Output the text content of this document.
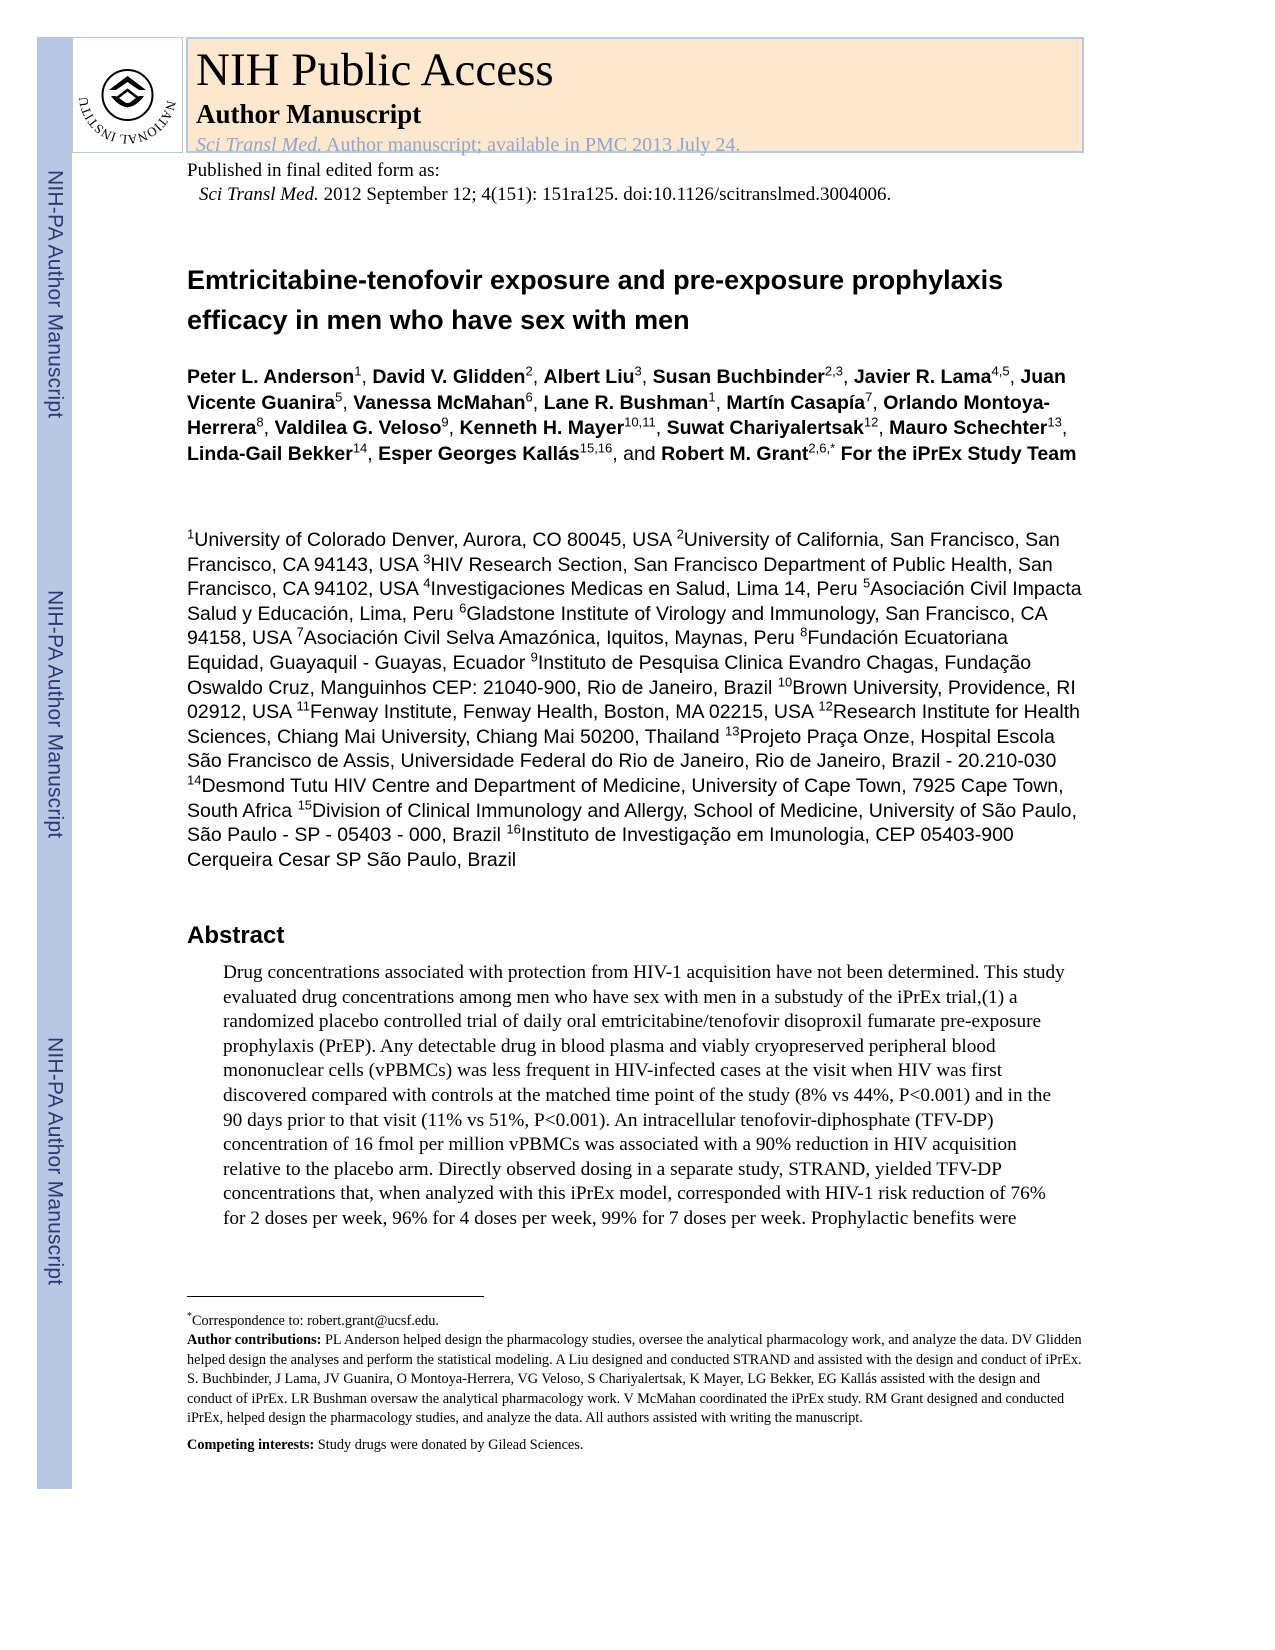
NIH-PA Author Manuscript
NIH-PA Author Manuscript
NIH-PA Author Manuscript
NATIONAL INSTITU
NIH Public Access
Author Manuscript
Sci Transl Med. Author manuscript; available in PMC 2013 July 24.
Published in final edited form as:
Sci Transl Med. 2012 September 12; 4(151): 151ra125. doi:10.1126/scitranslmed.3004006.
Emtricitabine-tenofovir exposure and pre-exposure prophylaxis efficacy in men who have sex with men
Peter L. Anderson$^1$, David V. Glidden$^2$, Albert Liu$^3$, Susan Buchbinder$^{2,3}$, Javier R. Lama$^{4,5}$, Juan Vicente Guanira$^5$, Vanessa McMahan$^6$, Lane R. Bushman$^1$, Martín Casapía$^7$, Orlando Montoya-Herrera$^8$, Valdilea G. Veloso$^9$, Kenneth H. Mayer$^{10,11}$, Suwat Chariyalertsak$^{12}$, Mauro Schechter$^{13}$, Linda-Gail Bekker$^{14}$, Esper Georges Kallás$^{15,16}$, and Robert M. Grant$^{2,6,*}$ For the iPrEx Study Team
$^1$University of Colorado Denver, Aurora, CO 80045, USA $^2$University of California, San Francisco, San Francisco, CA 94143, USA $^3$HIV Research Section, San Francisco Department of Public Health, San Francisco, CA 94102, USA $^4$Investigaciones Medicas en Salud, Lima 14, Peru $^5$Asociación Civil Impacta Salud y Educación, Lima, Peru $^6$Gladstone Institute of Virology and Immunology, San Francisco, CA 94158, USA $^7$Asociación Civil Selva Amazónica, Iquitos, Maynas, Peru $^8$Fundación Ecuatoriana Equidad, Guayaquil - Guayas, Ecuador $^9$Instituto de Pesquisa Clinica Evandro Chagas, Fundação Oswaldo Cruz, Manguinhos CEP: 21040-900, Rio de Janeiro, Brazil $^{10}$Brown University, Providence, RI 02912, USA $^{11}$Fenway Institute, Fenway Health, Boston, MA 02215, USA $^{12}$Research Institute for Health Sciences, Chiang Mai University, Chiang Mai 50200, Thailand $^{13}$Projeto Praça Onze, Hospital Escola São Francisco de Assis, Universidade Federal do Rio de Janeiro, Rio de Janeiro, Brazil - 20.210-030 $^{14}$Desmond Tutu HIV Centre and Department of Medicine, University of Cape Town, 7925 Cape Town, South Africa $^{15}$Division of Clinical Immunology and Allergy, School of Medicine, University of São Paulo, São Paulo - SP - 05403 - 000, Brazil $^{16}$Instituto de Investigação em Imunologia, CEP 05403-900 Cerqueira Cesar SP São Paulo, Brazil
Abstract
Drug concentrations associated with protection from HIV-1 acquisition have not been determined. This study evaluated drug concentrations among men who have sex with men in a substudy of the iPrEx trial,(1) a randomized placebo controlled trial of daily oral emtricitabine/tenofovir disoproxil fumarate pre-exposure prophylaxis (PrEP). Any detectable drug in blood plasma and viably cryopreserved peripheral blood mononuclear cells (vPBMCs) was less frequent in HIV-infected cases at the visit when HIV was first discovered compared with controls at the matched time point of the study (8% vs 44%, P<0.001) and in the 90 days prior to that visit (11% vs 51%, P<0.001). An intracellular tenofovir-diphosphate (TFV-DP) concentration of 16 fmol per million vPBMCs was associated with a 90% reduction in HIV acquisition relative to the placebo arm. Directly observed dosing in a separate study, STRAND, yielded TFV-DP concentrations that, when analyzed with this iPrEx model, corresponded with HIV-1 risk reduction of 76% for 2 doses per week, 96% for 4 doses per week, 99% for 7 doses per week. Prophylactic benefits were

*Correspondence to: robert.grant@ucsf.edu.

Author contributions: PL Anderson helped design the pharmacology studies, oversee the analytical pharmacology work, and analyze the data. DV Glidden helped design the analyses and perform the statistical modeling. A Liu designed and conducted STRAND and assisted with the design and conduct of iPrEx. S. Buchbinder, J Lama, JV Guanira, O Montoya-Herrera, VG Veloso, S Chariyalertsak, K Mayer, LG Bekker, EG Kallás assisted with the design and conduct of iPrEx. LR Bushman oversaw the analytical pharmacology work. V McMahan coordinated the iPrEx study. RM Grant designed and conducted iPrEx, helped design the pharmacology studies, and analyze the data. All authors assisted with writing the manuscript.

Competing interests: Study drugs were donated by Gilead Sciences.
